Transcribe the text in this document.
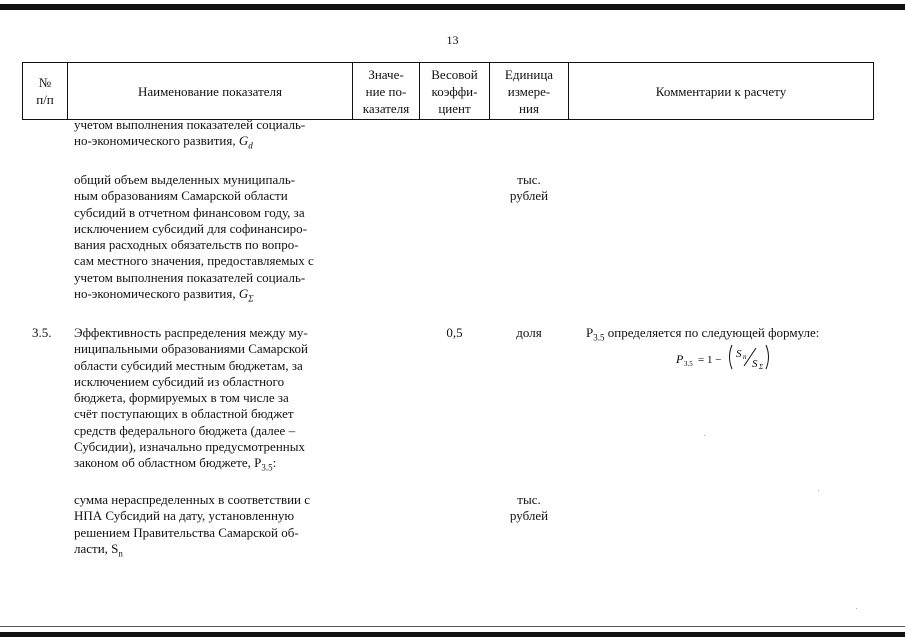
13
№
п/п
Наименование показателя
Значе-
ние по-
казателя
Весовой
коэффи-
циент
Единица
измере-
ния
Комментарии к расчету
учетом выполнения показателей социаль-
но-экономического развития, $G_d$
общий объем выделенных муниципаль-
ным образованиям Самарской области
субсидий в отчетном финансовом году, за
исключением субсидий для софинансиро-
вания расходных обязательств по вопро-
сам местного значения, предоставляемых с
учетом выполнения показателей социаль-
но-экономического развития, $G_\Sigma$
тыс.
рублей
3.5. Эффективность распределения между му-
ниципальными образованиями Самарской
области субсидий местным бюджетам, за
исключением субсидий из областного
бюджета, формируемых в том числе за
счёт поступающих в областной бюджет
средств федерального бюджета (далее –
Субсидии), изначально предусмотренных
законом об областном бюджете, $Р_{3.5}$:
0,5	доля	$Р_{3.5}$ определяется по следующей формуле:
P 3.5 = 1 − S n
S Σ
сумма нераспределенных в соответствии с
НПА Субсидий на дату, установленную
решением Правительства Самарской об-
ласти, $S_n$
тыс.
рублей
